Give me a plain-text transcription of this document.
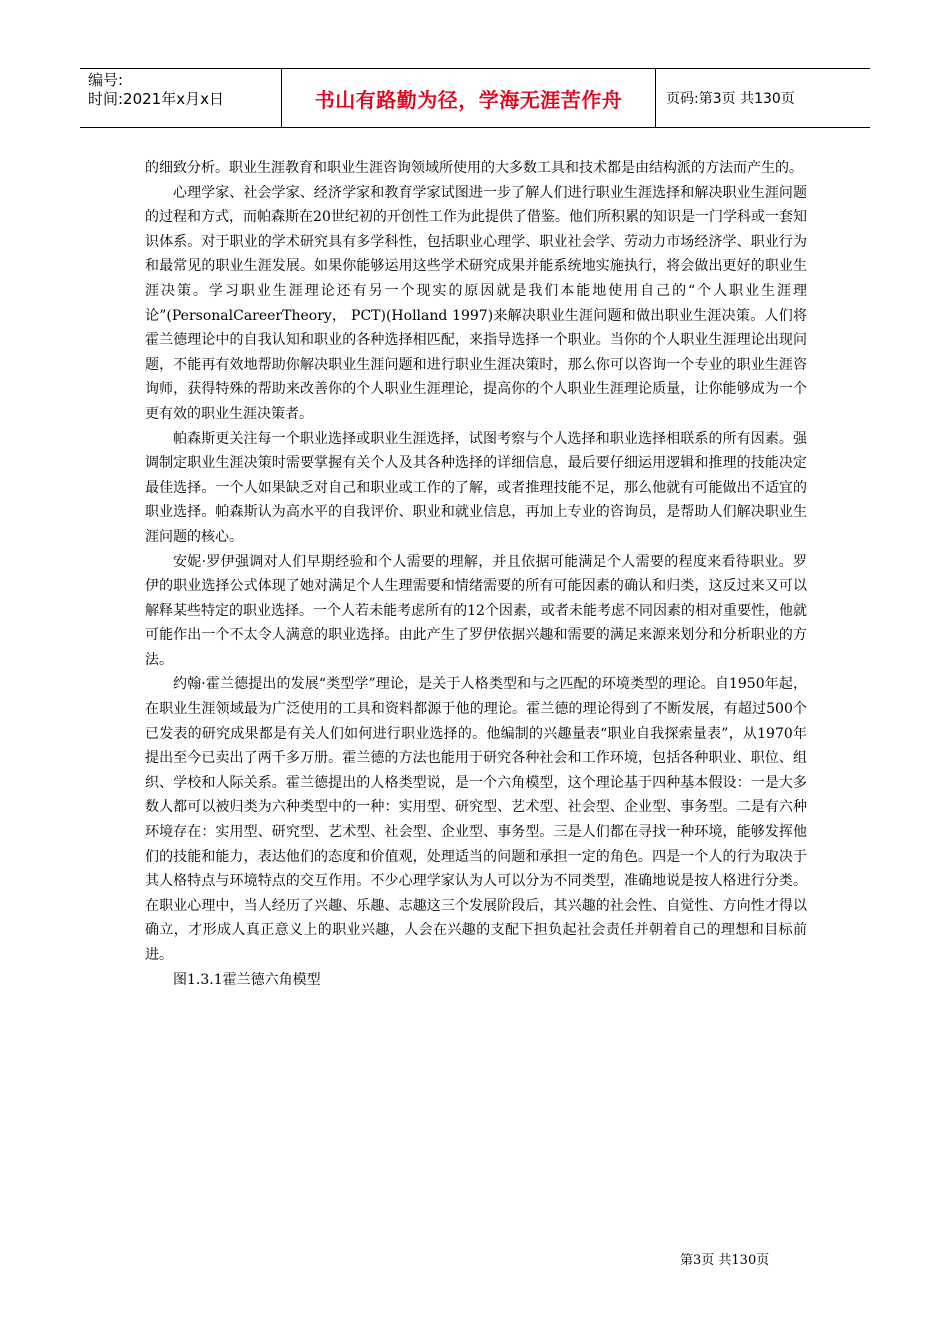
编号:
时间:2021年x月x日	书山有路勤为径，学海无涯苦作舟	页码:第3页 共130页

的细致分析。职业生涯教育和职业生涯咨询领域所使用的大多数工具和技术都是由结构派的方法而产生的。

心理学家、社会学家、经济学家和教育学家试图进一步了解人们进行职业生涯选择和解决职业生涯问题的过程和方式，而帕森斯在20世纪初的开创性工作为此提供了借鉴。他们所积累的知识是一门学科或一套知识体系。对于职业的学术研究具有多学科性，包括职业心理学、职业社会学、劳动力市场经济学、职业行为和最常见的职业生涯发展。如果你能够运用这些学术研究成果并能系统地实施执行，将会做出更好的职业生涯决策。学习职业生涯理论还有另一个现实的原因就是我们本能地使用自己的“个人职业生涯理论”(PersonalCareerTheory， PCT)(Holland 1997)来解决职业生涯问题和做出职业生涯决策。人们将霍兰德理论中的自我认知和职业的各种选择相匹配，来指导选择一个职业。当你的个人职业生涯理论出现问题，不能再有效地帮助你解决职业生涯问题和进行职业生涯决策时，那么你可以咨询一个专业的职业生涯咨询师，获得特殊的帮助来改善你的个人职业生涯理论，提高你的个人职业生涯理论质量，让你能够成为一个更有效的职业生涯决策者。

帕森斯更关注每一个职业选择或职业生涯选择，试图考察与个人选择和职业选择相联系的所有因素。强调制定职业生涯决策时需要掌握有关个人及其各种选择的详细信息，最后要仔细运用逻辑和推理的技能决定最佳选择。一个人如果缺乏对自己和职业或工作的了解，或者推理技能不足，那么他就有可能做出不适宜的职业选择。帕森斯认为高水平的自我评价、职业和就业信息，再加上专业的咨询员，是帮助人们解决职业生涯问题的核心。

安妮·罗伊强调对人们早期经验和个人需要的理解，并且依据可能满足个人需要的程度来看待职业。罗伊的职业选择公式体现了她对满足个人生理需要和情绪需要的所有可能因素的确认和归类，这反过来又可以解释某些特定的职业选择。一个人若未能考虑所有的12个因素，或者未能考虑不同因素的相对重要性，他就可能作出一个不太令人满意的职业选择。由此产生了罗伊依据兴趣和需要的满足来源来划分和分析职业的方法。

约翰·霍兰德提出的发展“类型学”理论，是关于人格类型和与之匹配的环境类型的理论。自1950年起，在职业生涯领域最为广泛使用的工具和资料都源于他的理论。霍兰德的理论得到了不断发展，有超过500个已发表的研究成果都是有关人们如何进行职业选择的。他编制的兴趣量表“职业自我探索量表”，从1970年提出至今已卖出了两千多万册。霍兰德的方法也能用于研究各种社会和工作环境，包括各种职业、职位、组织、学校和人际关系。霍兰德提出的人格类型说，是一个六角模型，这个理论基于四种基本假设：一是大多数人都可以被归类为六种类型中的一种：实用型、研究型、艺术型、社会型、企业型、事务型。二是有六种环境存在：实用型、研究型、艺术型、社会型、企业型、事务型。三是人们都在寻找一种环境，能够发挥他们的技能和能力，表达他们的态度和价值观，处理适当的问题和承担一定的角色。四是一个人的行为取决于其人格特点与环境特点的交互作用。不少心理学家认为人可以分为不同类型，准确地说是按人格进行分类。在职业心理中，当人经历了兴趣、乐趣、志趣这三个发展阶段后，其兴趣的社会性、自觉性、方向性才得以确立，才形成人真正意义上的职业兴趣，人会在兴趣的支配下担负起社会责任并朝着自己的理想和目标前进。

图1.3.1霍兰德六角模型

第3页 共130页
